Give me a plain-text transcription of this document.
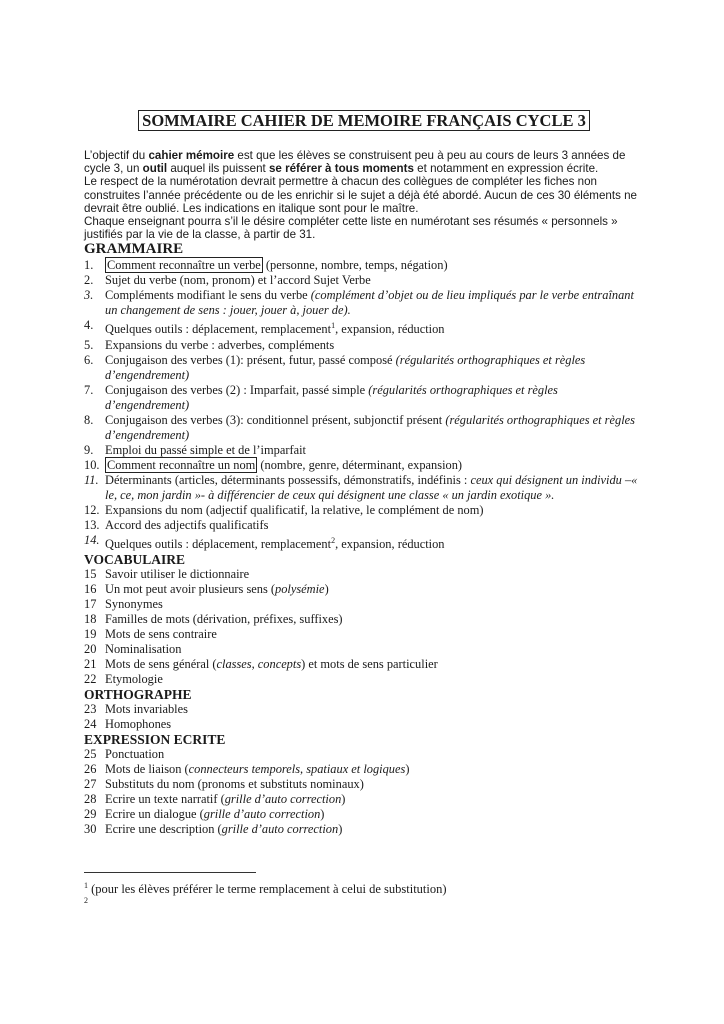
SOMMAIRE CAHIER DE MEMOIRE FRANÇAIS CYCLE 3

L’objectif du cahier mémoire est que les élèves se construisent peu à peu au cours de leurs 3 années de cycle 3, un outil auquel ils puissent se référer à tous moments et notamment en expression écrite.

Le respect de la numérotation devrait permettre à chacun des collègues de compléter les fiches non construites l’année précédente ou de les enrichir si le sujet a déjà été abordé. Aucun de ces 30 éléments ne devrait être oublié. Les indications en italique sont pour le maître.

Chaque enseignant pourra s’il le désire compléter cette liste en numérotant ses résumés « personnels » justifiés par la vie de la classe, à partir de 31.

GRAMMAIRE
1. Comment reconnaître un verbe (personne, nombre, temps, négation)
2. Sujet du verbe (nom, pronom) et l’accord Sujet Verbe
3. Compléments modifiant le sens du verbe (complément d’objet ou de lieu impliqués par le verbe entraînant un changement de sens : jouer, jouer à, jouer de).
4. Quelques outils : déplacement, remplacement$^1$, expansion, réduction
5. Expansions du verbe : adverbes, compléments
6. Conjugaison des verbes (1): présent, futur, passé composé (régularités orthographiques et règles d’engendrement)
7. Conjugaison des verbes (2) : Imparfait, passé simple (régularités orthographiques et règles d’engendrement)
8. Conjugaison des verbes (3): conditionnel présent, subjonctif présent (régularités orthographiques et règles d’engendrement)
9. Emploi du passé simple et de l’imparfait
10. Comment reconnaître un nom (nombre, genre, déterminant, expansion)
11. Déterminants (articles, déterminants possessifs, démonstratifs, indéfinis : ceux qui désignent un individu –« le, ce, mon jardin »- à différencier de ceux qui désignent une classe « un jardin exotique ».
12. Expansions du nom (adjectif qualificatif, la relative, le complément de nom)
13. Accord des adjectifs qualificatifs
14. Quelques outils : déplacement, remplacement$^2$, expansion, réduction
VOCABULAIRE
15 Savoir utiliser le dictionnaire
16 Un mot peut avoir plusieurs sens (polysémie)
17 Synonymes
18 Familles de mots (dérivation, préfixes, suffixes)
19 Mots de sens contraire
20 Nominalisation
21 Mots de sens général (classes, concepts) et mots de sens particulier
22 Etymologie
ORTHOGRAPHE
23 Mots invariables
24 Homophones
EXPRESSION ECRITE
25 Ponctuation
26 Mots de liaison (connecteurs temporels, spatiaux et logiques)
27 Substituts du nom (pronoms et substituts nominaux)
28 Ecrire un texte narratif (grille d’auto correction)
29 Ecrire un dialogue (grille d’auto correction)
30 Ecrire une description (grille d’auto correction)
$^1$ (pour les élèves préférer le terme remplacement à celui de substitution)
2
